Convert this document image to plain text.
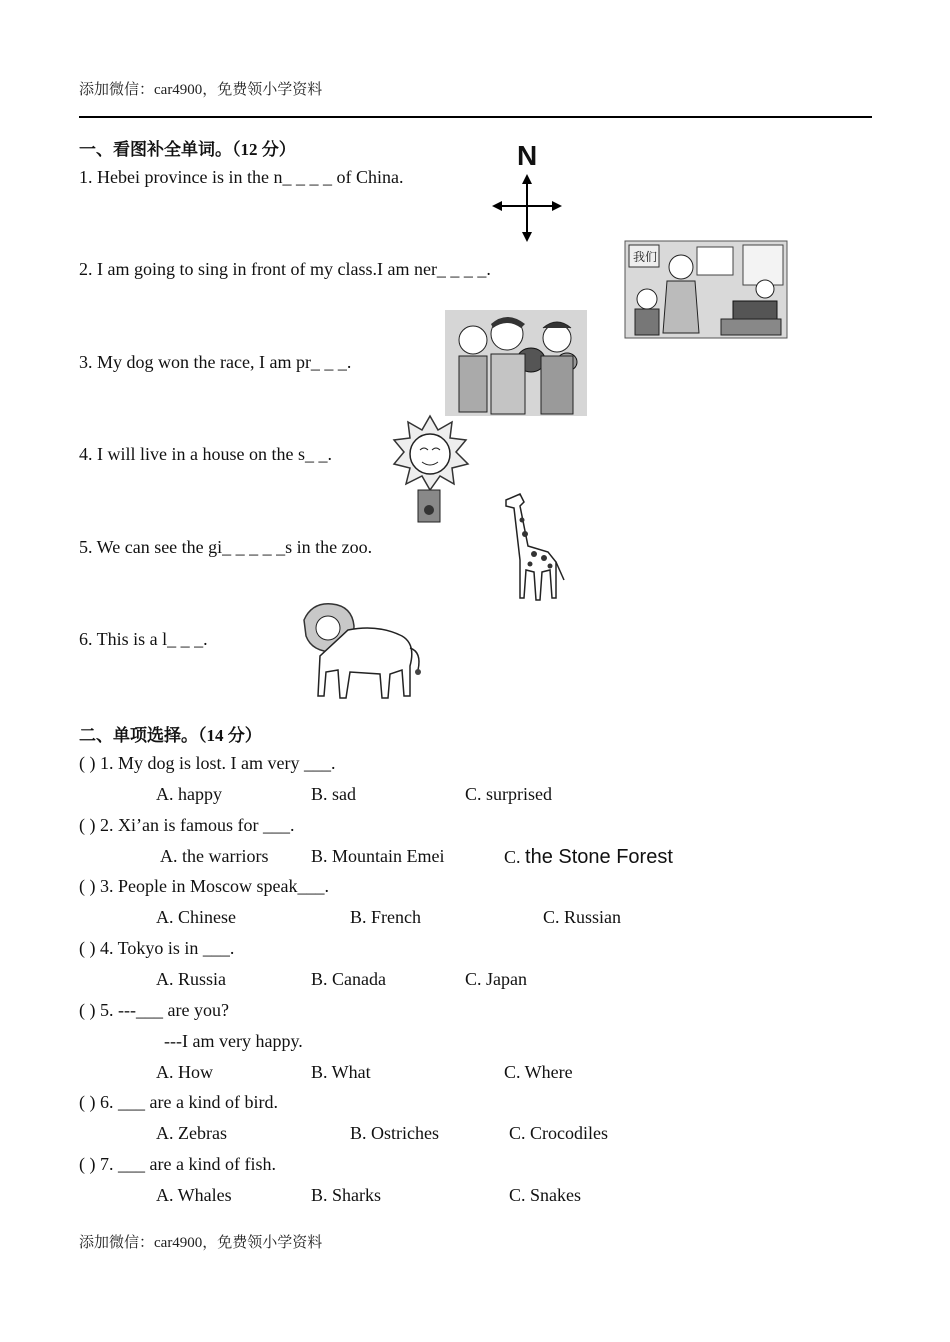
添加微信：car4900，免费领小学资料
一、看图补全单词。（12 分）
1. Hebei province is in the n_ _ _ _ of China.
2. I am going to sing in front of my class.I am ner_ _ _ _.
3. My dog won the race, I am pr_ _ _.
4. I will live in a house on the s_ _.
5. We can see the gi_ _ _ _ _s in the zoo.
6. This is a l_ _ _.
N
我们
二、单项选择。（14 分）
( ) 1. My dog is lost. I am very ___.
A. happy	B. sad	C. surprised
( ) 2. Xi’an is famous for ___.
A. the warriors B. Mountain Emei	C. the Stone Forest
( ) 3. People in Moscow speak___.
A. Chinese	B. French	C. Russian
( ) 4. Tokyo is in ___.
A. Russia	B. Canada	C. Japan
( ) 5. ---___ are you?
---I am very happy.
A. How	B. What	C. Where
( ) 6. ___ are a kind of bird.
A. Zebras	B. Ostriches	C. Crocodiles
( ) 7. ___ are a kind of fish.
A. Whales	B. Sharks	C. Snakes
添加微信：car4900，免费领小学资料
